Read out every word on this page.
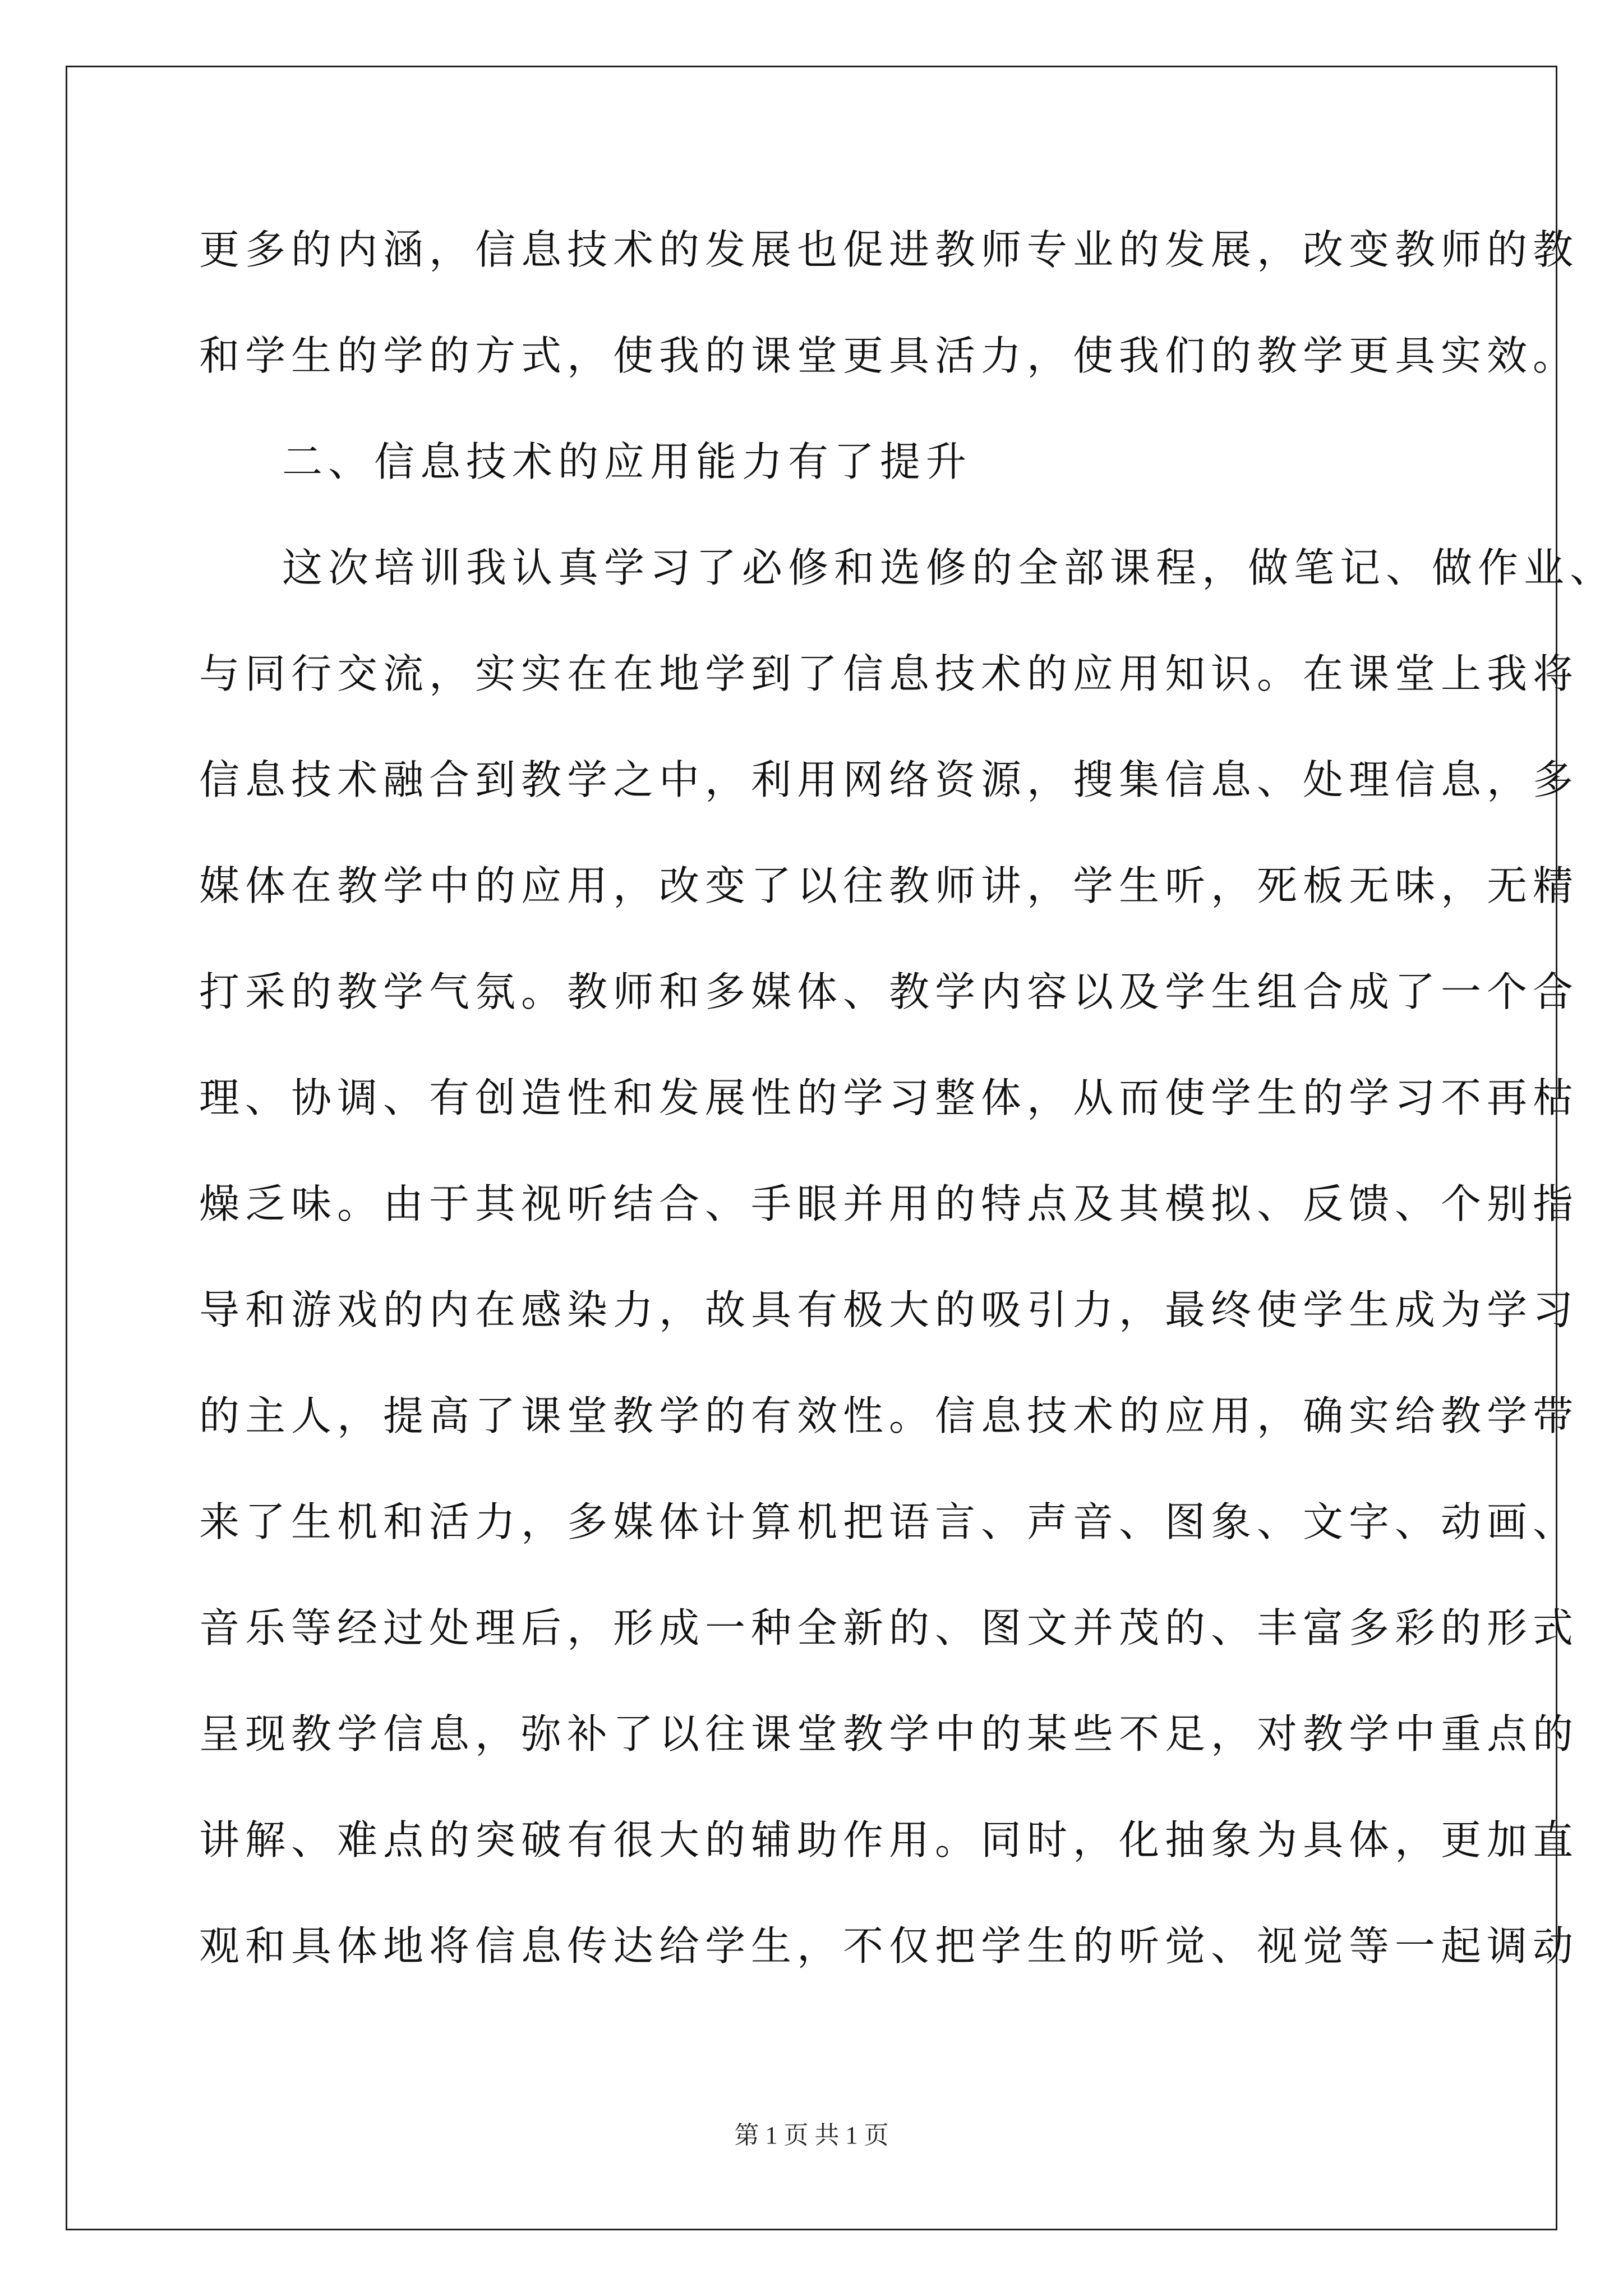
更多的内涵，信息技术的发展也促进教师专业的发展，改变教师的教
和学生的学的方式，使我的课堂更具活力，使我们的教学更具实效。
二、信息技术的应用能力有了提升
这次培训我认真学习了必修和选修的全部课程，做笔记、做作业、
与同行交流，实实在在地学到了信息技术的应用知识。在课堂上我将
信息技术融合到教学之中，利用网络资源，搜集信息、处理信息，多
媒体在教学中的应用，改变了以往教师讲，学生听，死板无味，无精
打采的教学气氛。教师和多媒体、教学内容以及学生组合成了一个合
理、协调、有创造性和发展性的学习整体，从而使学生的学习不再枯
燥乏味。由于其视听结合、手眼并用的特点及其模拟、反馈、个别指
导和游戏的内在感染力，故具有极大的吸引力，最终使学生成为学习
的主人，提高了课堂教学的有效性。信息技术的应用，确实给教学带
来了生机和活力，多媒体计算机把语言、声音、图象、文字、动画、
音乐等经过处理后，形成一种全新的、图文并茂的、丰富多彩的形式
呈现教学信息，弥补了以往课堂教学中的某些不足，对教学中重点的
讲解、难点的突破有很大的辅助作用。同时，化抽象为具体，更加直
观和具体地将信息传达给学生，不仅把学生的听觉、视觉等一起调动
第 1 页 共 1 页
